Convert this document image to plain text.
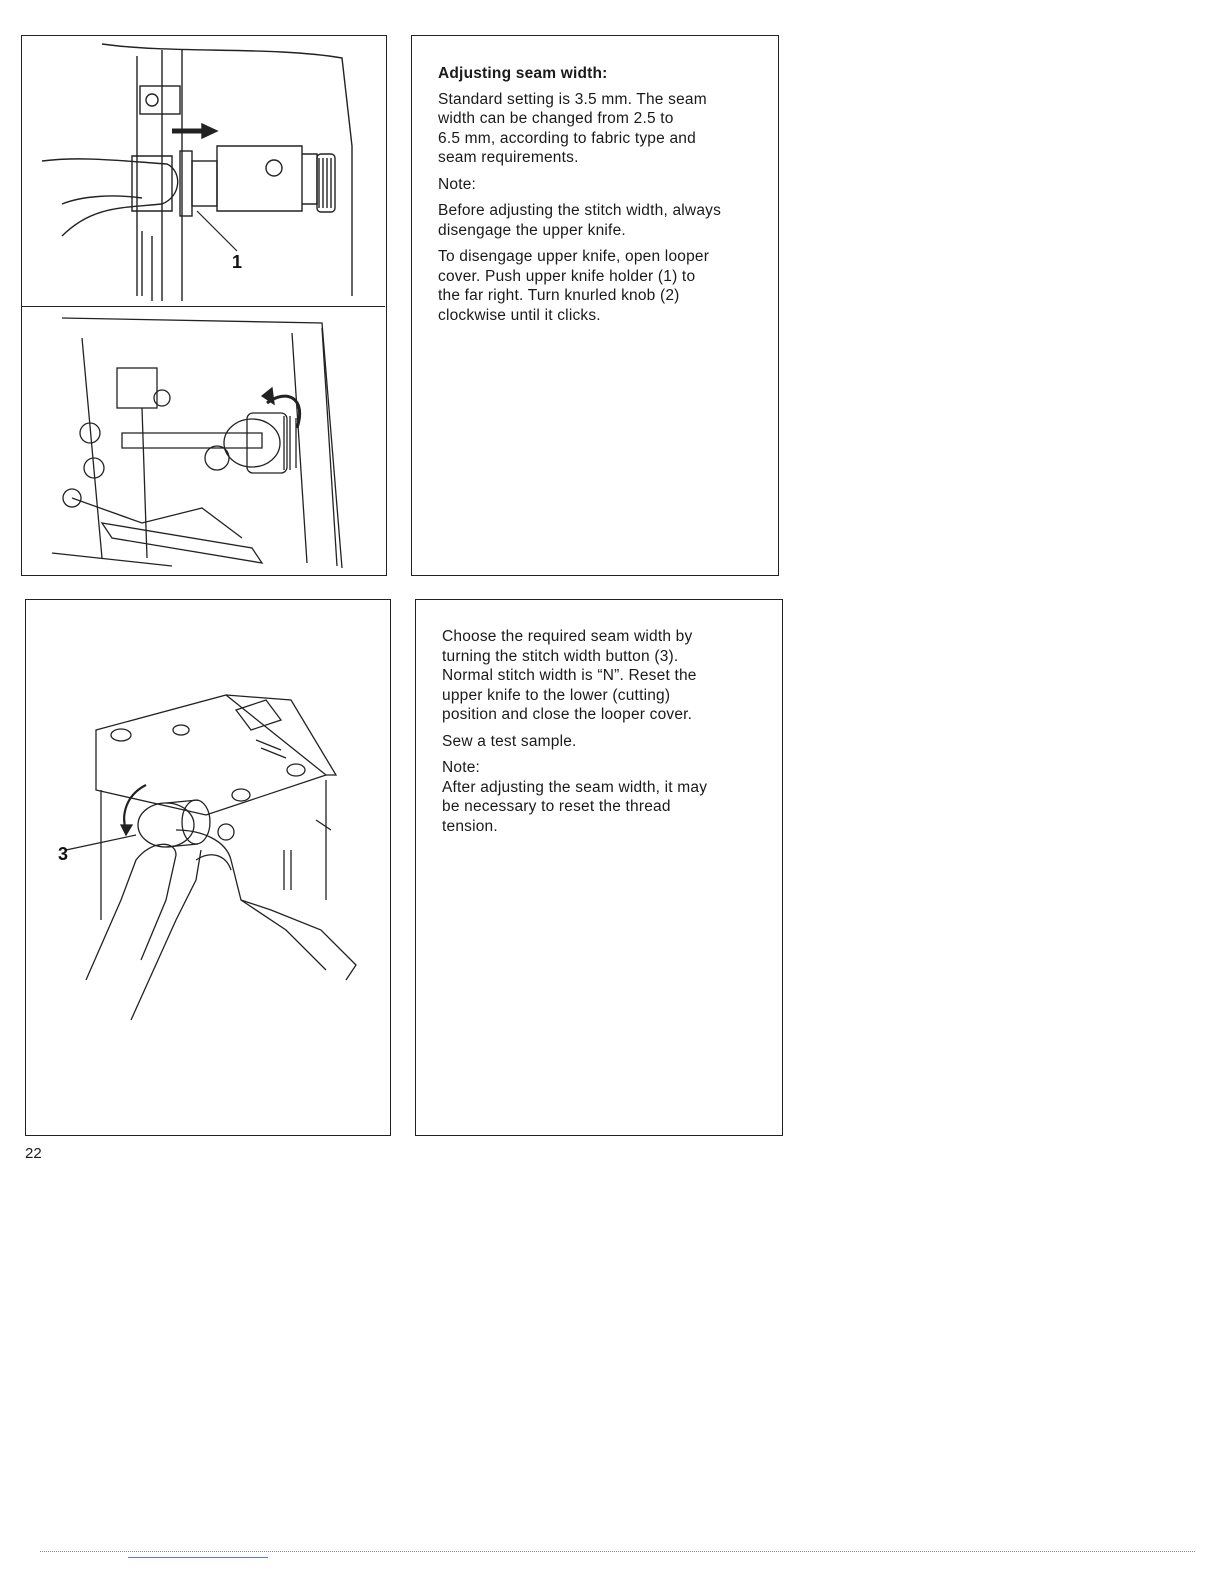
1

Adjusting seam width:

Standard setting is 3.5 mm. The seam
width can be changed from 2.5 to
6.5 mm, according to fabric type and
seam requirements.

Note:

Before adjusting the stitch width, always
disengage the upper knife.

To disengage upper knife, open looper
cover. Push upper knife holder (1) to
the far right. Turn knurled knob (2)
clockwise until it clicks.

3

Choose the required seam width by
turning the stitch width button (3).
Normal stitch width is “N”. Reset the
upper knife to the lower (cutting)
position and close the looper cover.

Sew a test sample.

Note:
After adjusting the seam width, it may
be necessary to reset the thread
tension.

22
